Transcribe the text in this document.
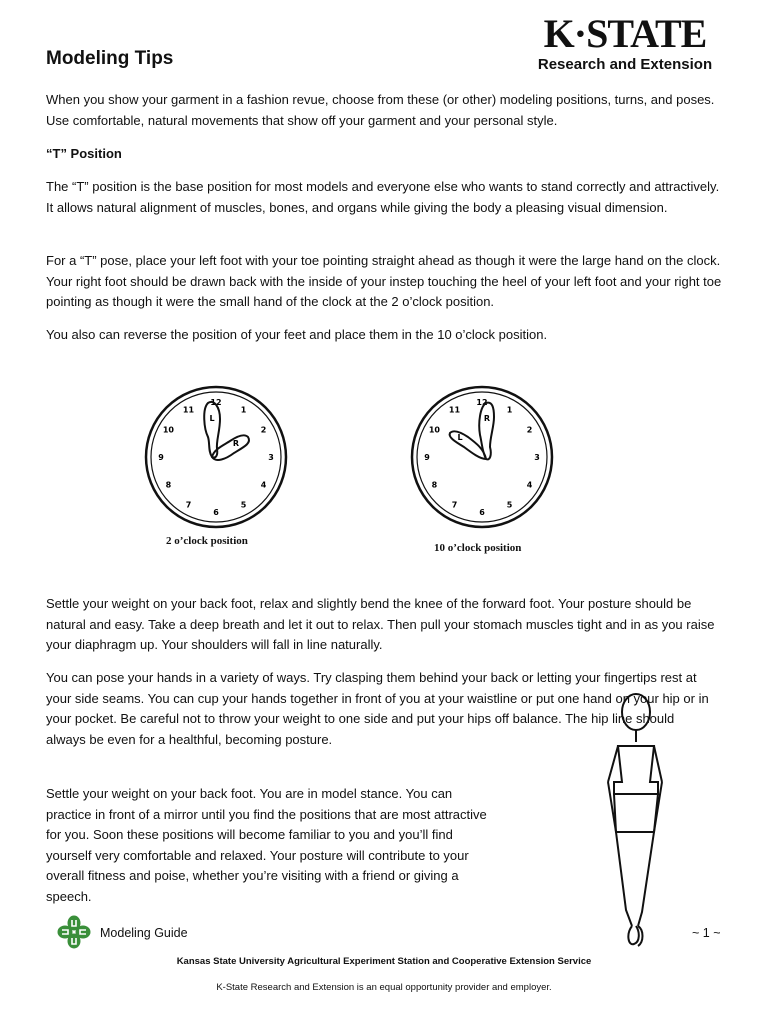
Modeling Tips
K·STATE
Research and Extension

When you show your garment in a fashion revue, choose from these (or other) modeling positions, turns, and poses. Use comfortable, natural movements that show off your garment and your personal style.

“T” Position

The “T” position is the base position for most models and everyone else who wants to stand correctly and attractively. It allows natural alignment of muscles, bones, and organs while giving the body a pleasing visual dimension.

For a “T” pose, place your left foot with your toe pointing straight ahead as though it were the large hand on the clock. Your right foot should be drawn back with the inside of your instep touching the heel of your left foot and your right toe pointing as though it were the small hand of the clock at the 2 o’clock position.

You also can reverse the position of your feet and place them in the 10 o’clock position.

12
1
2
3
4
5
6
7
8
9
10
11
L
R
2 o’clock position
12
1
2
3
4
5
6
7
8
9
10
11
R
L
10 o’clock position

Settle your weight on your back foot, relax and slightly bend the knee of the forward foot. Your posture should be natural and easy. Take a deep breath and let it out to relax. Then pull your stomach muscles tight and in as you raise your diaphragm up. Your shoulders will fall in line naturally.

You can pose your hands in a variety of ways. Try clasping them behind your back or letting your fingertips rest at your side seams. You can cup your hands together in front of you at your waistline or put one hand on your hip or in your pocket. Be careful not to throw your weight to one side and put your hips off balance. The hip line should always be even for a healthful, becoming posture.

Settle your weight on your back foot. You are in model stance. You can practice in front of a mirror until you find the positions that are most attractive for you. Soon these positions will become familiar to you and you’ll find yourself very comfortable and relaxed. Your posture will contribute to your overall fitness and poise, whether you’re visiting with a friend or giving a speech.

Modeling Guide	~ 1 ~
Kansas State University Agricultural Experiment Station and Cooperative Extension Service
K-State Research and Extension is an equal opportunity provider and employer.
